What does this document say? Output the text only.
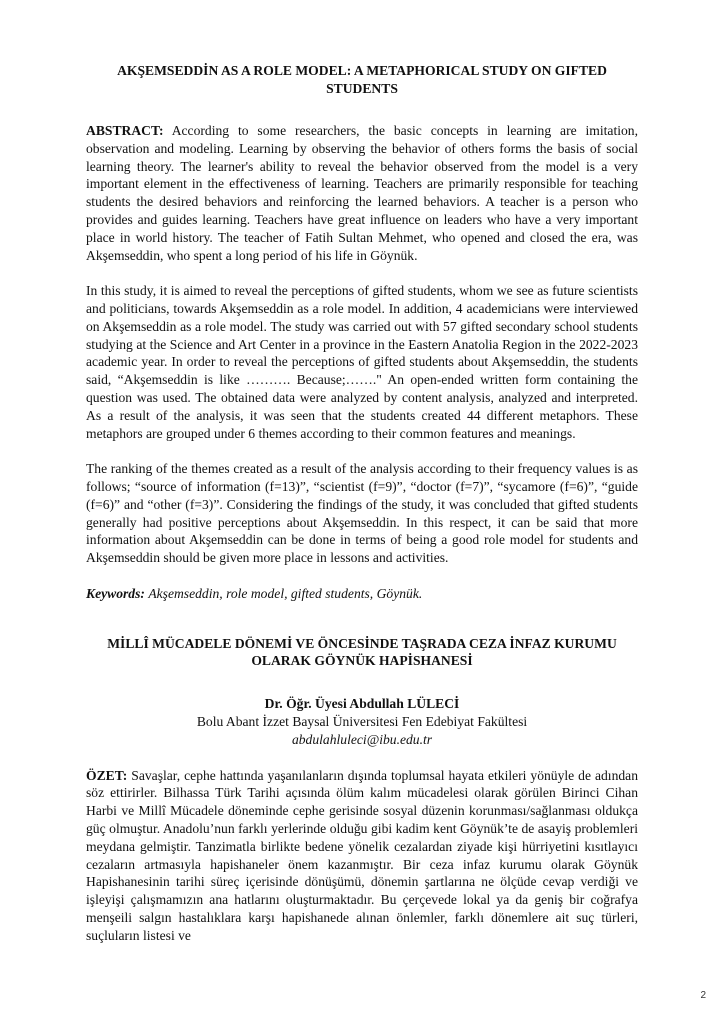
AKŞEMSEDDİN AS A ROLE MODEL: A METAPHORICAL STUDY ON GIFTED STUDENTS

ABSTRACT: According to some researchers, the basic concepts in learning are imitation, observation and modeling. Learning by observing the behavior of others forms the basis of social learning theory. The learner's ability to reveal the behavior observed from the model is a very important element in the effectiveness of learning. Teachers are primarily responsible for teaching students the desired behaviors and reinforcing the learned behaviors. A teacher is a person who provides and guides learning. Teachers have great influence on leaders who have a very important place in world history. The teacher of Fatih Sultan Mehmet, who opened and closed the era, was Akşemseddin, who spent a long period of his life in Göynük.

In this study, it is aimed to reveal the perceptions of gifted students, whom we see as future scientists and politicians, towards Akşemseddin as a role model. In addition, 4 academicians were interviewed on Akşemseddin as a role model. The study was carried out with 57 gifted secondary school students studying at the Science and Art Center in a province in the Eastern Anatolia Region in the 2022-2023 academic year. In order to reveal the perceptions of gifted students about Akşemseddin, the students said, “Akşemseddin is like ………. Because;……." An open-ended written form containing the question was used. The obtained data were analyzed by content analysis, analyzed and interpreted. As a result of the analysis, it was seen that the students created 44 different metaphors. These metaphors are grouped under 6 themes according to their common features and meanings.

The ranking of the themes created as a result of the analysis according to their frequency values is as follows; “source of information (f=13)”, “scientist (f=9)”, “doctor (f=7)”, “sycamore (f=6)”, “guide (f=6)” and “other (f=3)”. Considering the findings of the study, it was concluded that gifted students generally had positive perceptions about Akşemseddin. In this respect, it can be said that more information about Akşemseddin can be done in terms of being a good role model for students and Akşemseddin should be given more place in lessons and activities.

Keywords: Akşemseddin, role model, gifted students, Göynük.

MİLLÎ MÜCADELE DÖNEMİ VE ÖNCESİNDE TAŞRADA CEZA İNFAZ KURUMU OLARAK GÖYNÜK HAPİSHANESİ
Dr. Öğr. Üyesi Abdullah LÜLECİ
Bolu Abant İzzet Baysal Üniversitesi Fen Edebiyat Fakültesi
abdulahluleci@ibu.edu.tr

ÖZET: Savaşlar, cephe hattında yaşanılanların dışında toplumsal hayata etkileri yönüyle de adından söz ettirirler. Bilhassa Türk Tarihi açısında ölüm kalım mücadelesi olarak görülen Birinci Cihan Harbi ve Millî Mücadele döneminde cephe gerisinde sosyal düzenin korunması/sağlanması oldukça güç olmuştur. Anadolu’nun farklı yerlerinde olduğu gibi kadim kent Göynük’te de asayiş problemleri meydana gelmiştir. Tanzimatla birlikte bedene yönelik cezalardan ziyade kişi hürriyetini kısıtlayıcı cezaların artmasıyla hapishaneler önem kazanmıştır. Bir ceza infaz kurumu olarak Göynük Hapishanesinin tarihi süreç içerisinde dönüşümü, dönemin şartlarına ne ölçüde cevap verdiği ve işleyişi çalışmamızın ana hatlarını oluşturmaktadır. Bu çerçevede lokal ya da geniş bir coğrafya menşeili salgın hastalıklara karşı hapishanede alınan önlemler, farklı dönemlere ait suç türleri, suçluların listesi ve

2
